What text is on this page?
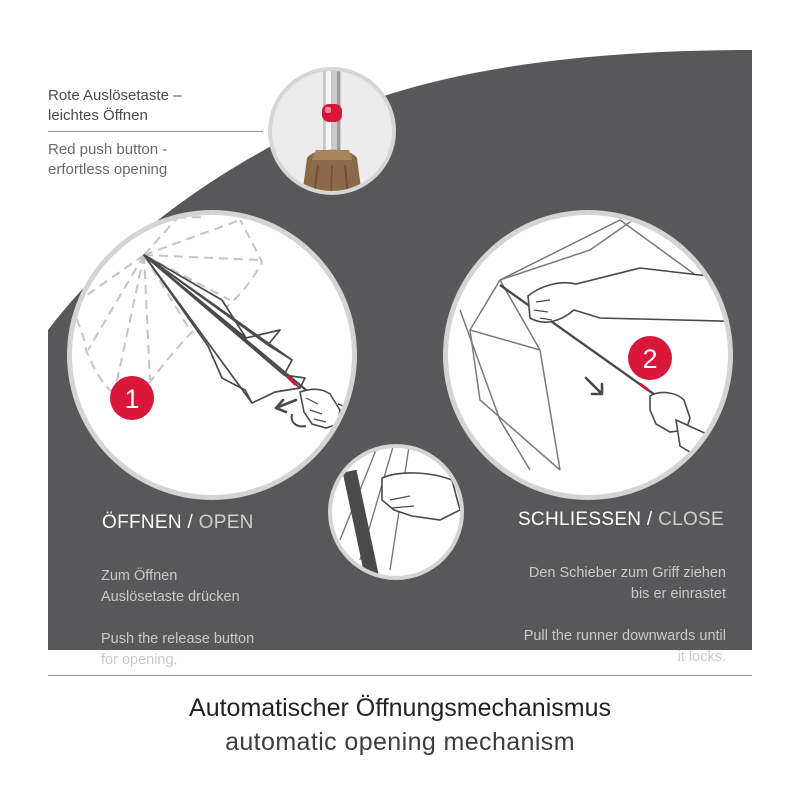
1
2
Rote Auslösetaste –
leichtes Öffnen
Red push button -
erfortless opening
ÖFFNEN / OPEN

Zum Öffnen
Auslösetaste drücken

Push the release button
for opening.

SCHLIESSEN / CLOSE

Den Schieber zum Griff ziehen
bis er einrastet

Pull the runner downwards until
it locks.

Automatischer Öffnungsmechanismus
automatic opening mechanism
